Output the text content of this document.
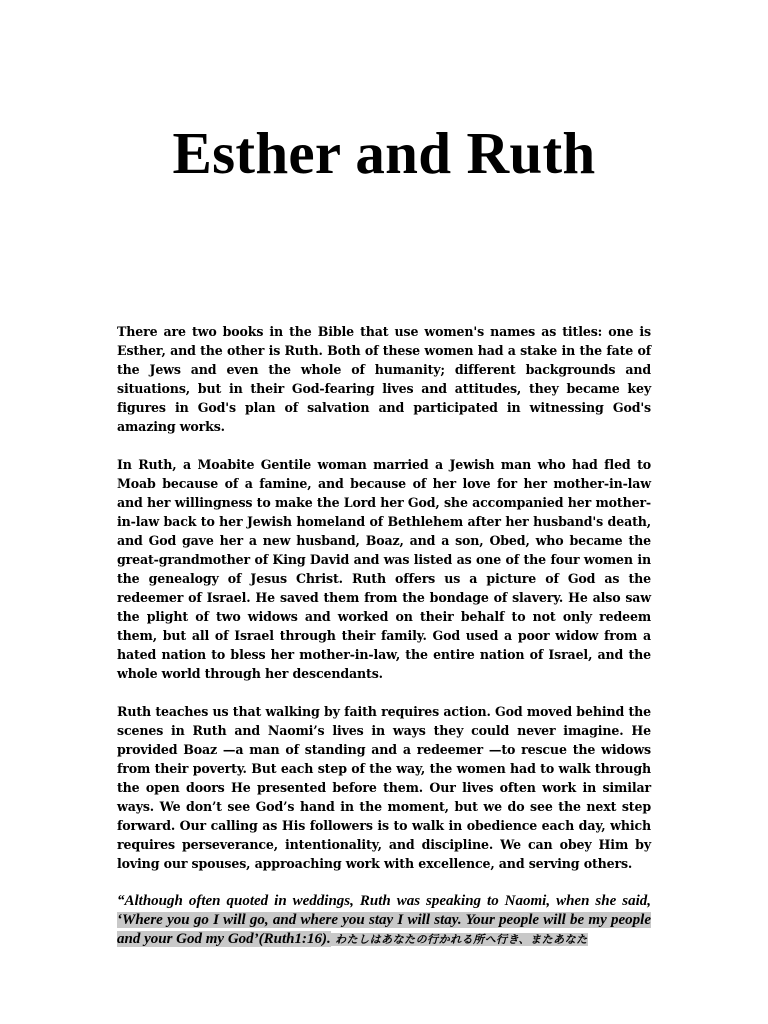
Esther and Ruth

There are two books in the Bible that use women's names as titles: one is Esther, and the other is Ruth. Both of these women had a stake in the fate of the Jews and even the whole of humanity; different backgrounds and situations, but in their God-fearing lives and attitudes, they became key figures in God's plan of salvation and participated in witnessing God's amazing works.

In Ruth, a Moabite Gentile woman married a Jewish man who had fled to Moab because of a famine, and because of her love for her mother-in-law and her willingness to make the Lord her God, she accompanied her mother-in-law back to her Jewish homeland of Bethlehem after her husband's death, and God gave her a new husband, Boaz, and a son, Obed, who became the great-grandmother of King David and was listed as one of the four women in the genealogy of Jesus Christ. Ruth offers us a picture of God as the redeemer of Israel. He saved them from the bondage of slavery. He also saw the plight of two widows and worked on their behalf to not only redeem them, but all of Israel through their family. God used a poor widow from a hated nation to bless her mother-in-law, the entire nation of Israel, and the whole world through her descendants.

Ruth teaches us that walking by faith requires action. God moved behind the scenes in Ruth and Naomi’s lives in ways they could never imagine. He provided Boaz —a man of standing and a redeemer —to rescue the widows from their poverty. But each step of the way, the women had to walk through the open doors He presented before them. Our lives often work in similar ways. We don’t see God’s hand in the moment, but we do see the next step forward. Our calling as His followers is to walk in obedience each day, which requires perseverance, intentionality, and discipline. We can obey Him by loving our spouses, approaching work with excellence, and serving others.

“Although often quoted in weddings, Ruth was speaking to Naomi, when she said, ‘Where you go I will go, and where you stay I will stay. Your people will be my people and your God my God’(Ruth1:16). わたしはあなたの行かれる所へ行き、またあなた
